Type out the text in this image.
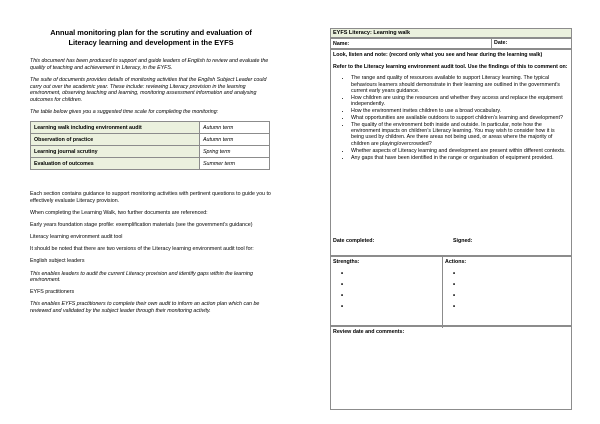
Annual monitoring plan for the scrutiny and evaluation of Literacy learning and development in the EYFS
This document has been produced to support and guide leaders of English to review and evaluate the quality of teaching and achievement in Literacy, in the EYFS.
The suite of documents provides details of monitoring activities that the English Subject Leader could carry out over the academic year. These include: reviewing Literacy provision in the learning environment, observing teaching and learning, monitoring assessment information and analysing outcomes for children.
The table below gives you a suggested time scale for completing the monitoring:
Learning walk including environment audit	Autumn term
Observation of practice	Autumn term
Learning journal scrutiny	Spring term
Evaluation of outcomes	Summer term
Each section contains guidance to support monitoring activities with pertinent questions to guide you to effectively evaluate Literacy provision.
When completing the Learning Walk, two further documents are referenced:
Early years foundation stage profile: exemplification materials (see the government’s guidance)
Literacy learning environment audit tool
It should be noted that there are two versions of the Literacy learning environment audit tool for:
English subject leaders
This enables leaders to audit the current Literacy provision and identify gaps within the learning environment.
EYFS practitioners
This enables EYFS practitioners to complete their own audit to inform an action plan which can be reviewed and validated by the subject leader through their monitoring activity.
EYFS Literacy: Learning walk
Name:	Date:
Look, listen and note: (record only what you see and hear during the learning walk)
Refer to the Literacy learning environment audit tool. Use the findings of this to comment on:
• The range and quality of resources available to support Literacy learning. The typical behaviours learners should demonstrate in their learning are outlined in the government’s current early years guidance.
• How children are using the resources and whether they access and replace the equipment independently.
• How the environment invites children to use a broad vocabulary.
• What opportunities are available outdoors to support children’s learning and development?
• The quality of the environment both inside and outside. In particular, note how the environment impacts on children’s Literacy learning. You may wish to consider how it is being used by children. Are there areas not being used, or areas where the majority of children are playing/overcrowded?
• Whether aspects of Literacy learning and development are present within different contexts.
• Any gaps that have been identified in the range or organisation of equipment provided.
Date completed:	Signed:
Strengths:
•
•
•
•
Actions:
•
•
•
•
Review date and comments:
